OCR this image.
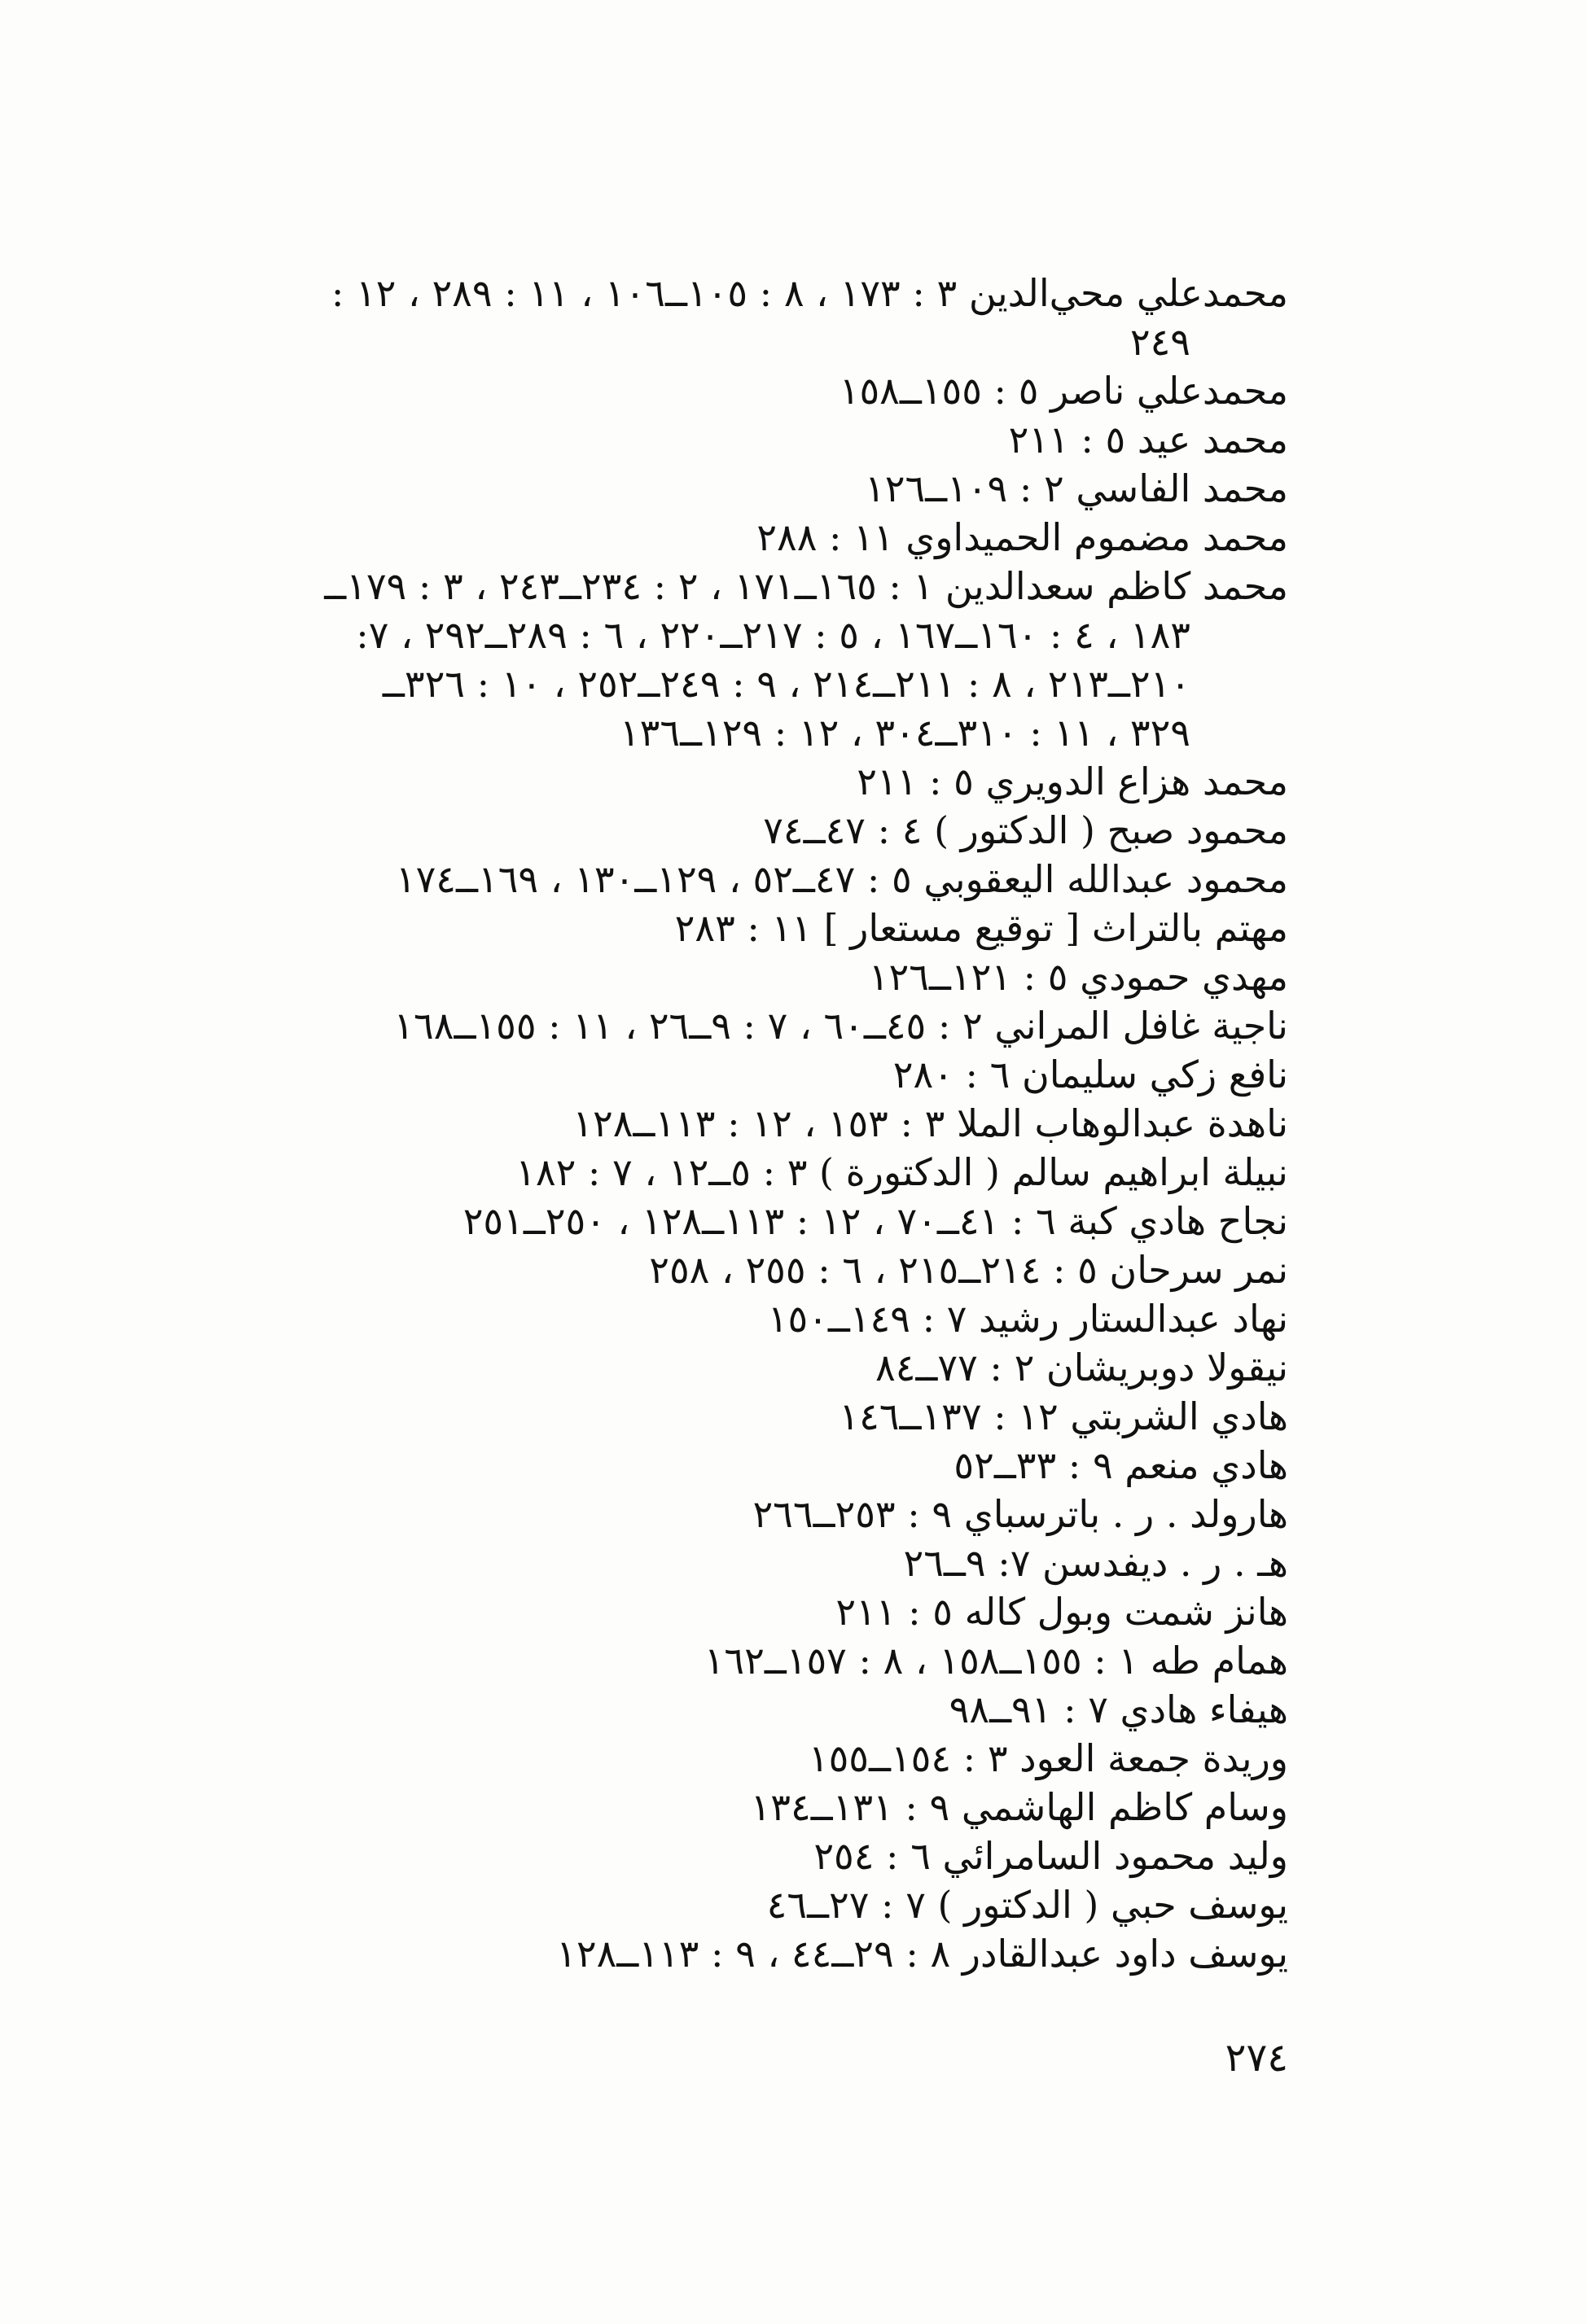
محمدعلي محي‌الدين ٣ : ١٧٣ ، ٨ : ١٠٥ــ١٠٦ ، ١١ : ٢٨٩ ، ١٢ :
٢٤٩

محمدعلي ناصر ٥ : ١٥٥ــ١٥٨

محمد عيد ٥ : ٢١١

محمد الفاسي ٢ : ١٠٩ــ١٢٦

محمد مضموم الحميداوي ١١ : ٢٨٨

محمد كاظم سعدالدين ١ : ١٦٥ــ١٧١ ، ٢ : ٢٣٤ــ٢٤٣ ، ٣ : ١٧٩ــ
١٨٣ ، ٤ : ١٦٠ــ١٦٧ ، ٥ : ٢١٧ــ٢٢٠ ، ٦ : ٢٨٩ــ٢٩٢ ، ٧:
٢١٠ــ٢١٣ ، ٨ : ٢١١ــ٢١٤ ، ٩ : ٢٤٩ــ٢٥٢ ، ١٠ : ٣٢٦ــ
٣٢٩ ، ١١ : ٣١٠ــ٣٠٤ ، ١٢ : ١٢٩ــ١٣٦

محمد هزاع الدويري ٥ : ٢١١

محمود صبح ( الدكتور ) ٤ : ٤٧ــ٧٤

محمود عبدالله اليعقوبي ٥ : ٤٧ــ٥٢ ، ١٢٩ــ١٣٠ ، ١٦٩ــ١٧٤

مهتم بالتراث [ توقيع مستعار ] ١١ : ٢٨٣

مهدي حمودي ٥ : ١٢١ــ١٢٦

ناجية غافل المراني ٢ : ٤٥ــ٦٠ ، ٧ : ٩ــ٢٦ ، ١١ : ١٥٥ــ١٦٨

نافع زكي سليمان ٦ : ٢٨٠

ناهدة عبدالوهاب الملا ٣ : ١٥٣ ، ١٢ : ١١٣ــ١٢٨

نبيلة ابراهيم سالم ( الدكتورة ) ٣ : ٥ــ١٢ ، ٧ : ١٨٢

نجاح هادي كبة ٦ : ٤١ــ٧٠ ، ١٢ : ١١٣ــ١٢٨ ، ٢٥٠ــ٢٥١

نمر سرحان ٥ : ٢١٤ــ٢١٥ ، ٦ : ٢٥٥ ، ٢٥٨

نهاد عبدالستار رشيد ٧ : ١٤٩ــ١٥٠

نيقولا دوبريشان ٢ : ٧٧ــ٨٤

هادي الشربتي ١٢ : ١٣٧ــ١٤٦

هادي منعم ٩ : ٣٣ــ٥٢

هارولد . ر . باترسباي ٩ : ٢٥٣ــ٢٦٦

هـ . ر . ديفدسن ٧: ٩ــ٢٦

هانز شمت وبول كاله ٥ : ٢١١

همام طه ١ : ١٥٥ــ١٥٨ ، ٨ : ١٥٧ــ١٦٢

هيفاء هادي ٧ : ٩١ــ٩٨

وريدة جمعة العود ٣ : ١٥٤ــ١٥٥

وسام كاظم الهاشمي ٩ : ١٣١ــ١٣٤

وليد محمود السامرائي ٦ : ٢٥٤

يوسف حبي ( الدكتور ) ٧ : ٢٧ــ٤٦

يوسف داود عبدالقادر ٨ : ٢٩ــ٤٤ ، ٩ : ١١٣ــ١٢٨

٢٧٤
